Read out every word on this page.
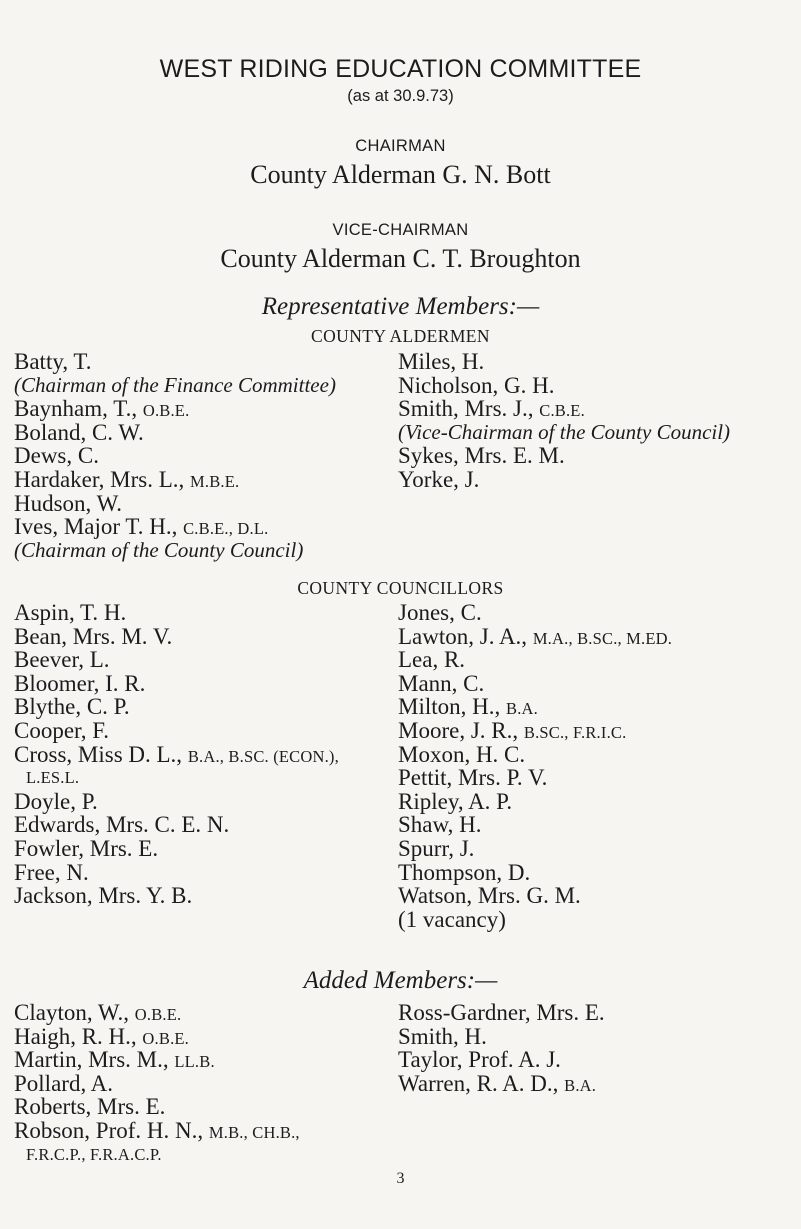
WEST RIDING EDUCATION COMMITTEE
(as at 30.9.73)
CHAIRMAN
County Alderman G. N. Bott
VICE-CHAIRMAN
County Alderman C. T. Broughton
Representative Members:—
COUNTY ALDERMEN
Batty, T.
(Chairman of the Finance Committee)
Baynham, T., O.B.E.
Boland, C. W.
Dews, C.
Hardaker, Mrs. L., M.B.E.
Hudson, W.
Ives, Major T. H., C.B.E., D.L.
(Chairman of the County Council)
Miles, H.
Nicholson, G. H.
Smith, Mrs. J., C.B.E.
(Vice-Chairman of the County Council)
Sykes, Mrs. E. M.
Yorke, J.
COUNTY COUNCILLORS
Aspin, T. H.
Bean, Mrs. M. V.
Beever, L.
Bloomer, I. R.
Blythe, C. P.
Cooper, F.
Cross, Miss D. L., B.A., B.SC. (ECON.),
L.ES.L.
Doyle, P.
Edwards, Mrs. C. E. N.
Fowler, Mrs. E.
Free, N.
Jackson, Mrs. Y. B.
Jones, C.
Lawton, J. A., M.A., B.SC., M.ED.
Lea, R.
Mann, C.
Milton, H., B.A.
Moore, J. R., B.SC., F.R.I.C.
Moxon, H. C.
Pettit, Mrs. P. V.
Ripley, A. P.
Shaw, H.
Spurr, J.
Thompson, D.
Watson, Mrs. G. M.
(1 vacancy)
Added Members:—
Clayton, W., O.B.E.
Haigh, R. H., O.B.E.
Martin, Mrs. M., LL.B.
Pollard, A.
Roberts, Mrs. E.
Robson, Prof. H. N., M.B., CH.B.,
F.R.C.P., F.R.A.C.P.
Ross-Gardner, Mrs. E.
Smith, H.
Taylor, Prof. A. J.
Warren, R. A. D., B.A.
3
